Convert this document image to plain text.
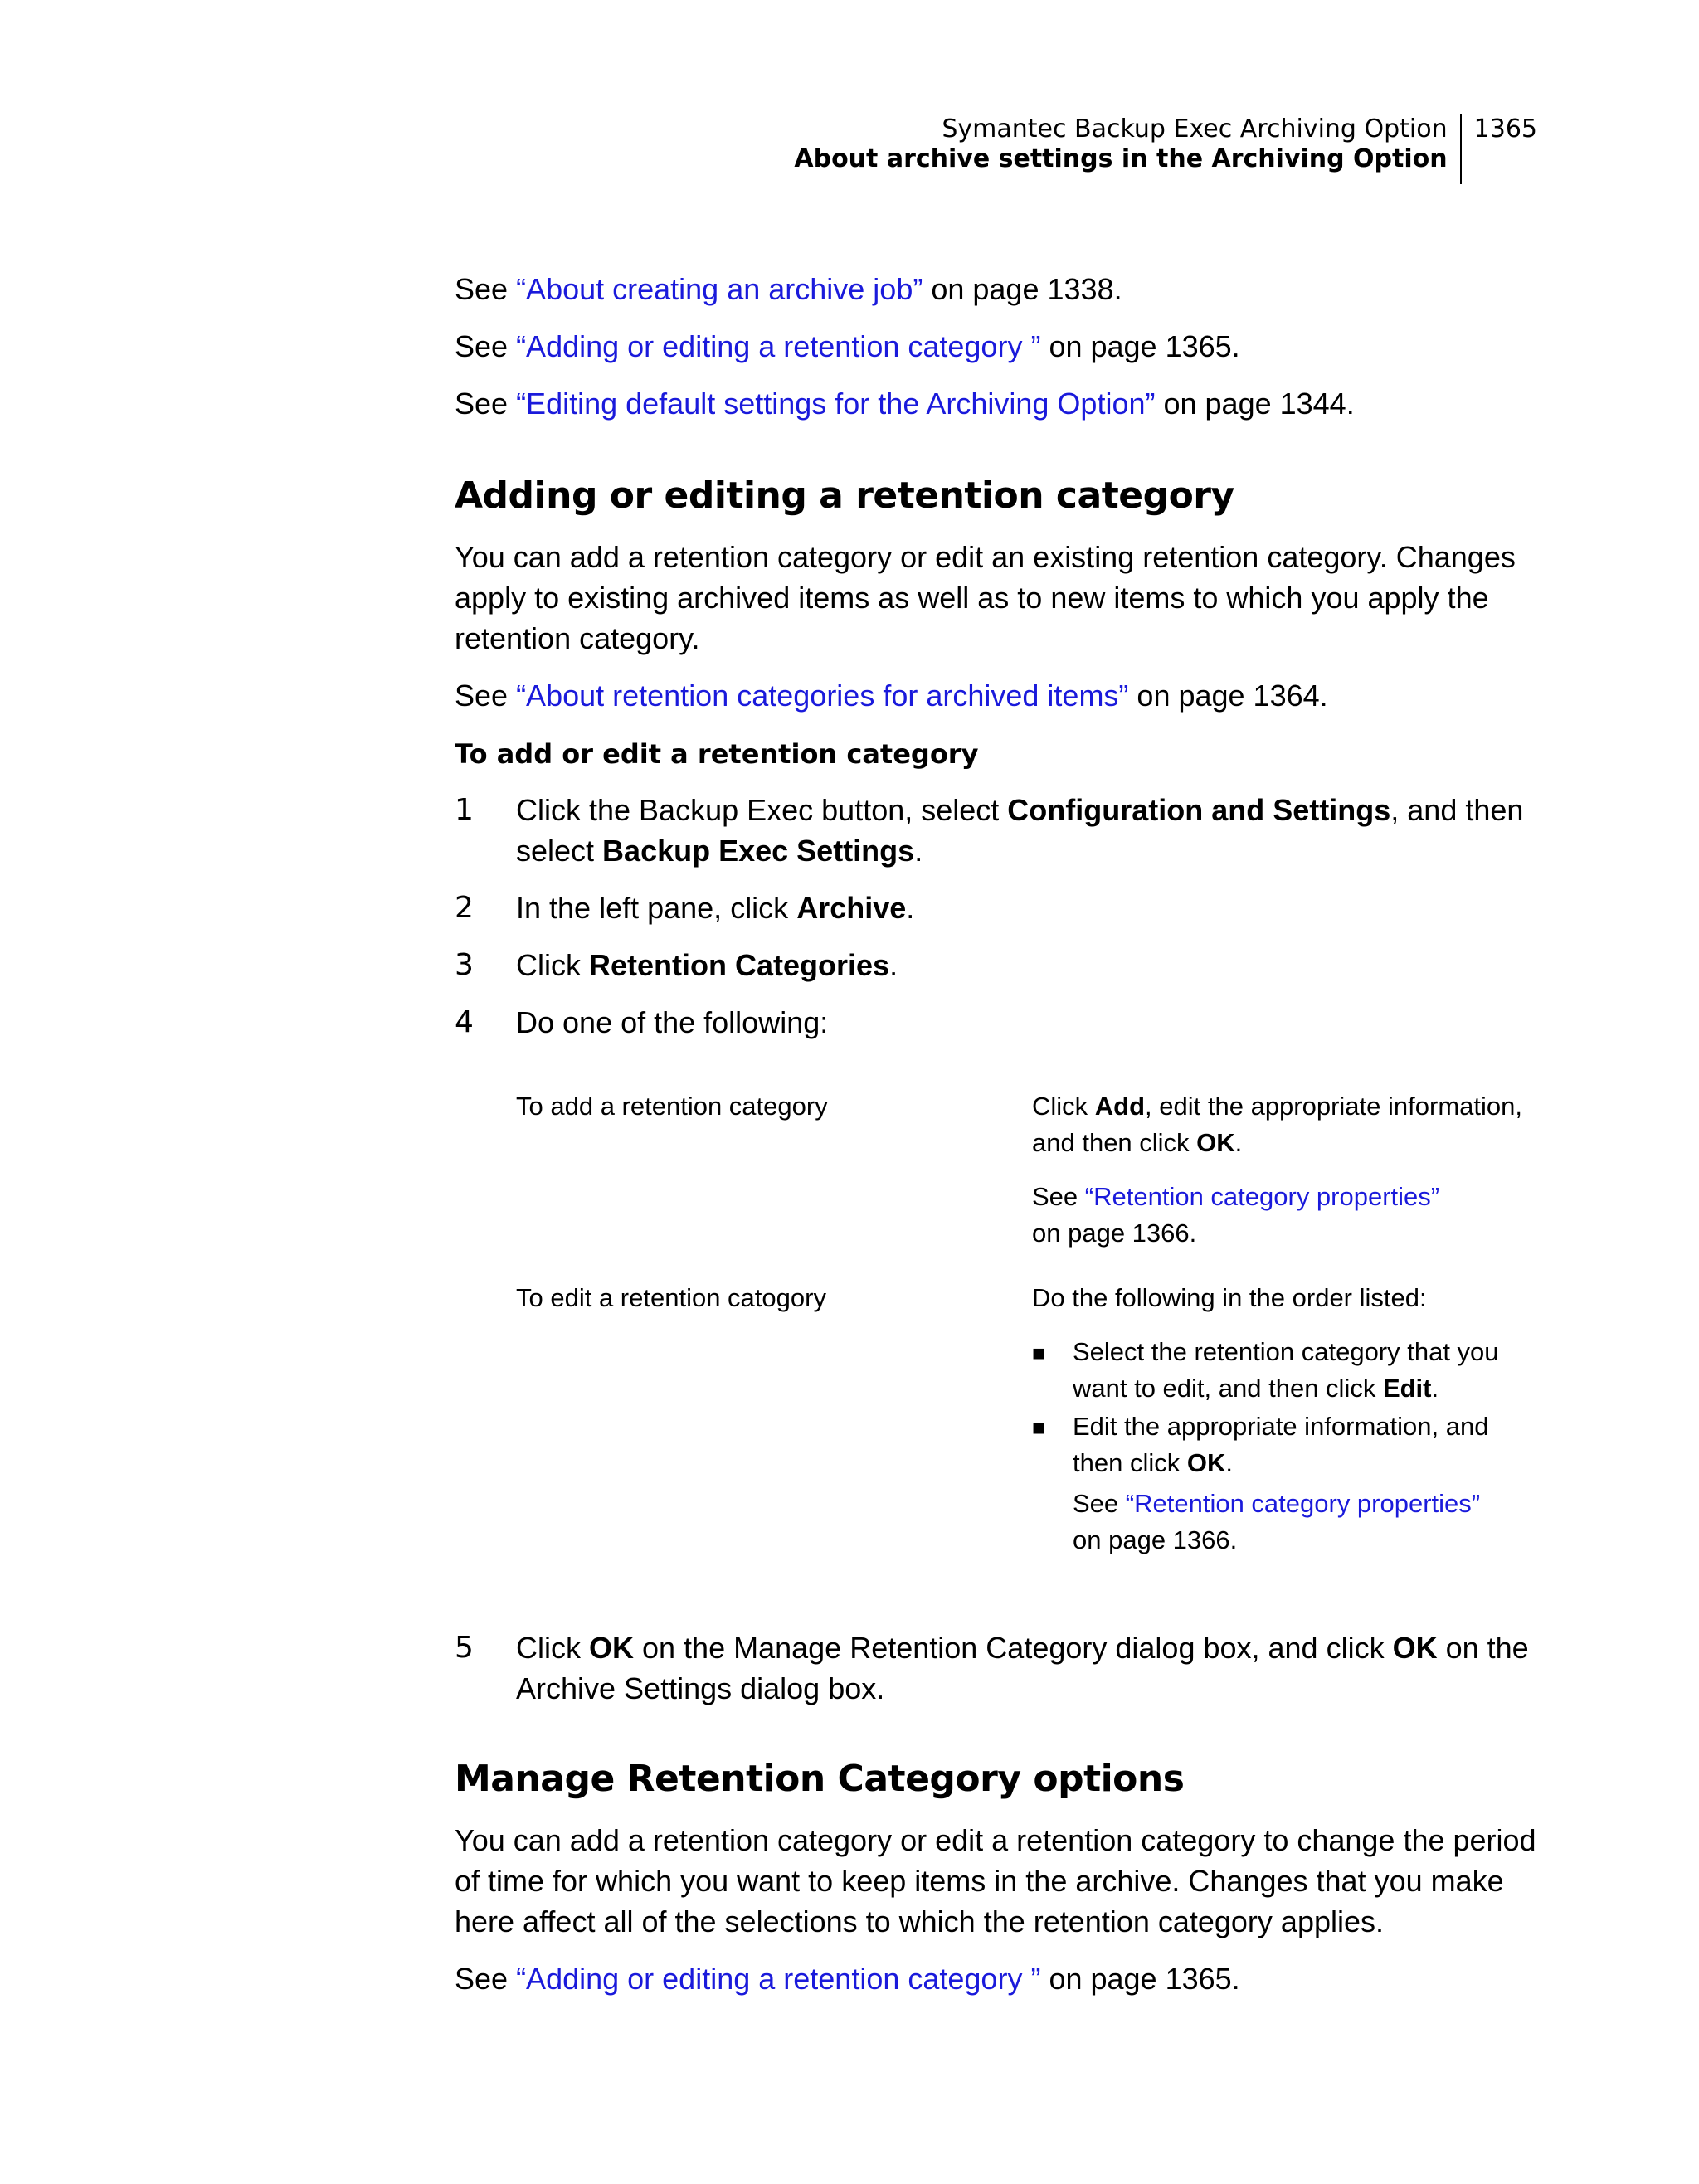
Symantec Backup Exec Archiving Option
About archive settings in the Archiving Option
1365
See “About creating an archive job” on page 1338.
See “Adding or editing a retention category ” on page 1365.
See “Editing default settings for the Archiving Option” on page 1344.
Adding or editing a retention category
You can add a retention category or edit an existing retention category. Changes
apply to existing archived items as well as to new items to which you apply the
retention category.
See “About retention categories for archived items” on page 1364.
To add or edit a retention category
1 Click the Backup Exec button, select Configuration and Settings, and then
select Backup Exec Settings.
2 In the left pane, click Archive.
3 Click Retention Categories.
4 Do one of the following:
To add a retention category	Click Add, edit the appropriate information,
and then click OK.
See “Retention category properties”
on page 1366.
To edit a retention catogory	Do the following in the order listed:
■ Select the retention category that you
want to edit, and then click Edit.
■ Edit the appropriate information, and
then click OK.
See “Retention category properties”
on page 1366.
5 Click OK on the Manage Retention Category dialog box, and click OK on the
Archive Settings dialog box.
Manage Retention Category options
You can add a retention category or edit a retention category to change the period
of time for which you want to keep items in the archive. Changes that you make
here affect all of the selections to which the retention category applies.
See “Adding or editing a retention category ” on page 1365.
